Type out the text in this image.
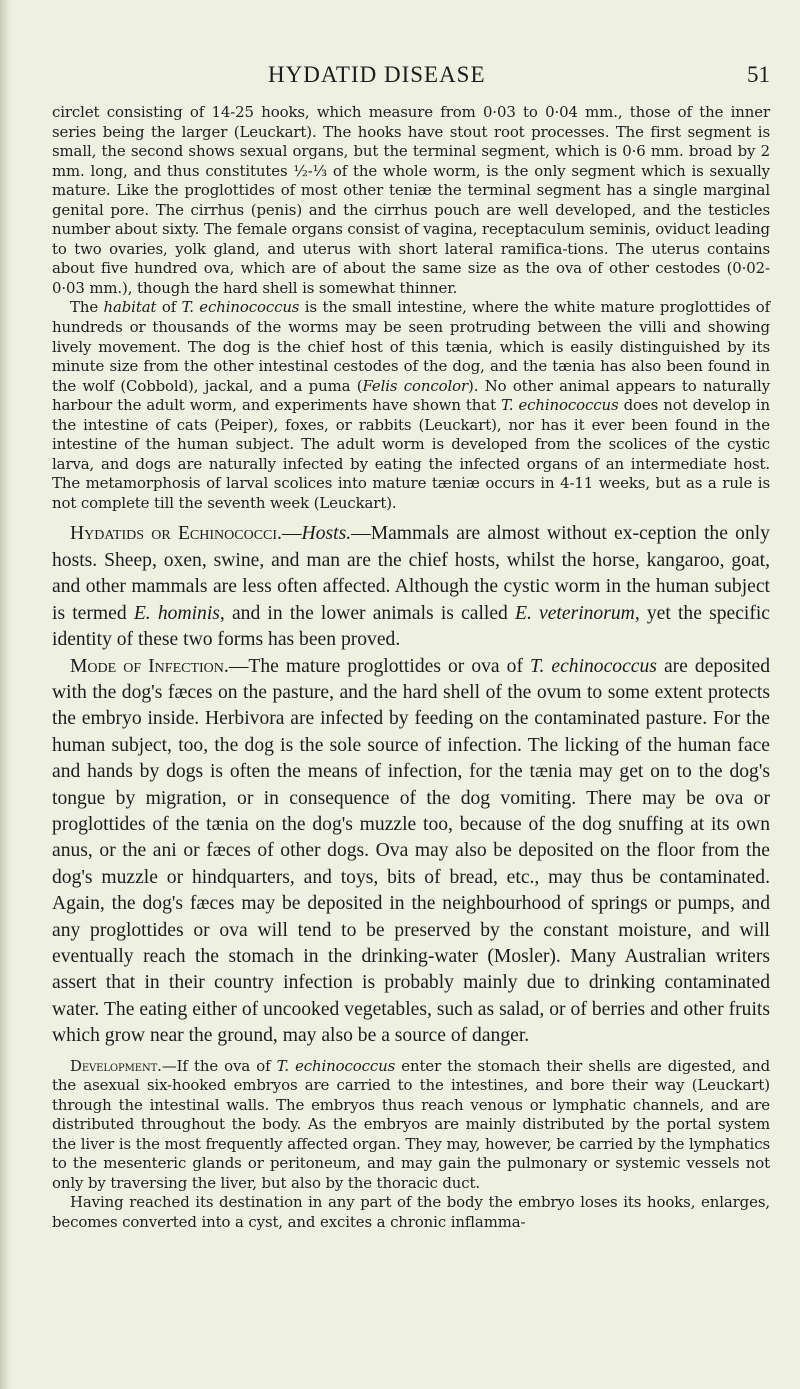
HYDATID DISEASE	51

circlet consisting of 14-25 hooks, which measure from 0·03 to 0·04 mm., those of the inner series being the larger (Leuckart). The hooks have stout root processes. The first segment is small, the second shows sexual organs, but the terminal segment, which is 0·6 mm. broad by 2 mm. long, and thus constitutes ½-⅓ of the whole worm, is the only segment which is sexually mature. Like the proglottides of most other teniæ the terminal segment has a single marginal genital pore. The cirrhus (penis) and the cirrhus pouch are well developed, and the testicles number about sixty. The female organs consist of vagina, receptaculum seminis, oviduct leading to two ovaries, yolk gland, and uterus with short lateral ramifica-tions. The uterus contains about five hundred ova, which are of about the same size as the ova of other cestodes (0·02-0·03 mm.), though the hard shell is somewhat thinner.

The habitat of T. echinococcus is the small intestine, where the white mature proglottides of hundreds or thousands of the worms may be seen protruding between the villi and showing lively movement. The dog is the chief host of this tænia, which is easily distinguished by its minute size from the other intestinal cestodes of the dog, and the tænia has also been found in the wolf (Cobbold), jackal, and a puma (Felis concolor). No other animal appears to naturally harbour the adult worm, and experiments have shown that T. echinococcus does not develop in the intestine of cats (Peiper), foxes, or rabbits (Leuckart), nor has it ever been found in the intestine of the human subject. The adult worm is developed from the scolices of the cystic larva, and dogs are naturally infected by eating the infected organs of an intermediate host. The metamorphosis of larval scolices into mature tæniæ occurs in 4-11 weeks, but as a rule is not complete till the seventh week (Leuckart).

Hydatids or Echinococci.—Hosts.—Mammals are almost without ex-ception the only hosts. Sheep, oxen, swine, and man are the chief hosts, whilst the horse, kangaroo, goat, and other mammals are less often affected. Although the cystic worm in the human subject is termed E. hominis, and in the lower animals is called E. veterinorum, yet the specific identity of these two forms has been proved.

Mode of Infection.—The mature proglottides or ova of T. echinococcus are deposited with the dog's fæces on the pasture, and the hard shell of the ovum to some extent protects the embryo inside. Herbivora are infected by feeding on the contaminated pasture. For the human subject, too, the dog is the sole source of infection. The licking of the human face and hands by dogs is often the means of infection, for the tænia may get on to the dog's tongue by migration, or in consequence of the dog vomiting. There may be ova or proglottides of the tænia on the dog's muzzle too, because of the dog snuffing at its own anus, or the ani or fæces of other dogs. Ova may also be deposited on the floor from the dog's muzzle or hindquarters, and toys, bits of bread, etc., may thus be contaminated. Again, the dog's fæces may be deposited in the neighbourhood of springs or pumps, and any proglottides or ova will tend to be preserved by the constant moisture, and will eventually reach the stomach in the drinking-water (Mosler). Many Australian writers assert that in their country infection is probably mainly due to drinking contaminated water. The eating either of uncooked vegetables, such as salad, or of berries and other fruits which grow near the ground, may also be a source of danger.

Development.—If the ova of T. echinococcus enter the stomach their shells are digested, and the asexual six-hooked embryos are carried to the intestines, and bore their way (Leuckart) through the intestinal walls. The embryos thus reach venous or lymphatic channels, and are distributed throughout the body. As the embryos are mainly distributed by the portal system the liver is the most frequently affected organ. They may, however, be carried by the lymphatics to the mesenteric glands or peritoneum, and may gain the pulmonary or systemic vessels not only by traversing the liver, but also by the thoracic duct.

Having reached its destination in any part of the body the embryo loses its hooks, enlarges, becomes converted into a cyst, and excites a chronic inflamma-
